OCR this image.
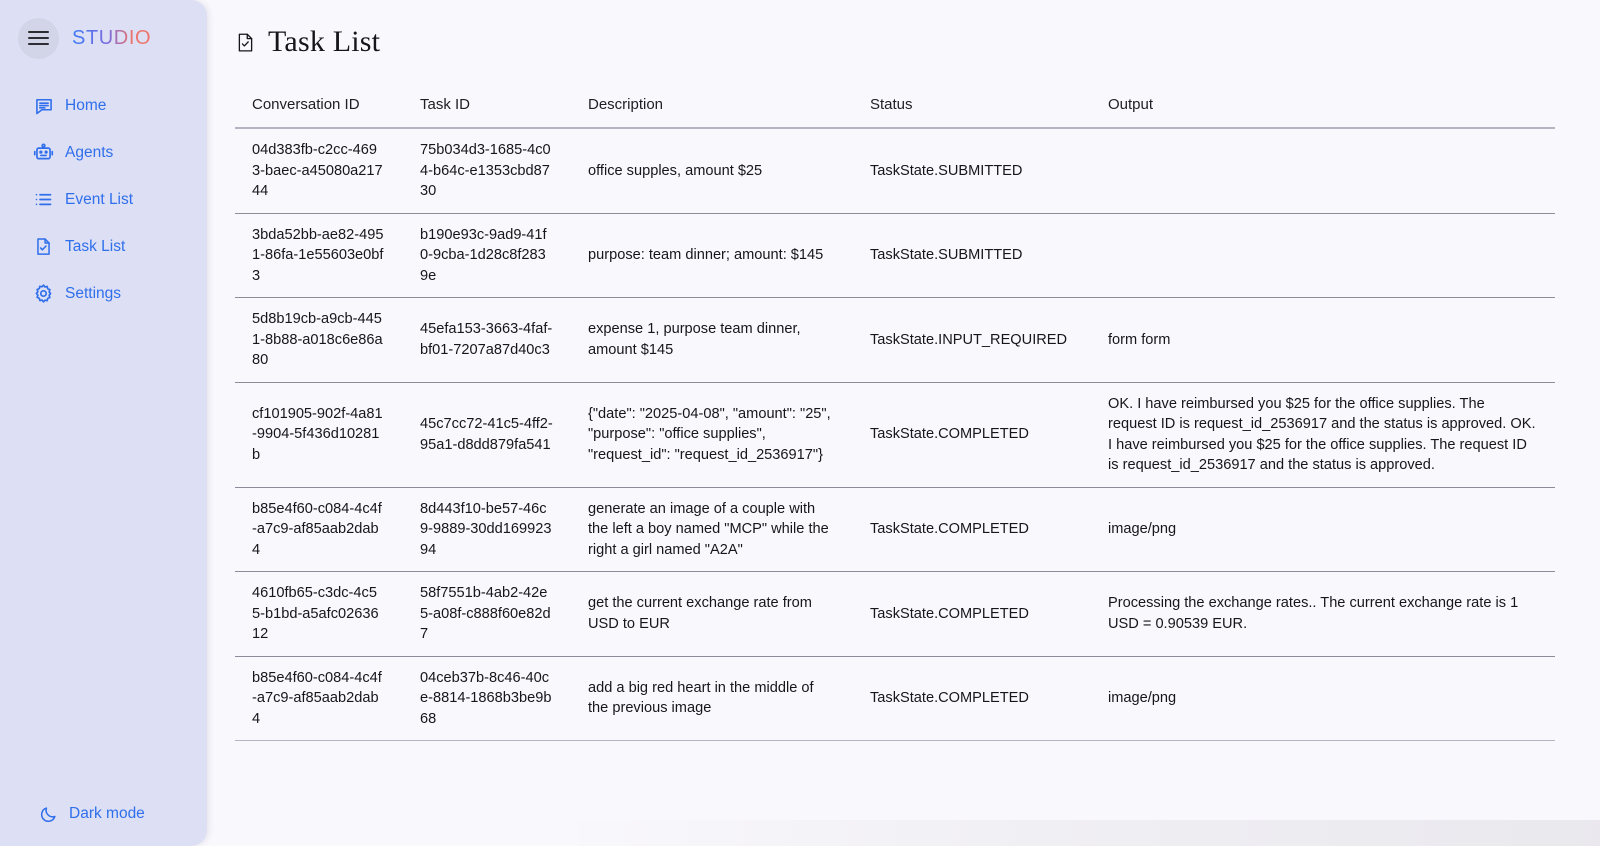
STUDIO
Home
Agents
Event List
Task List
Settings
Dark mode
Task List
Conversation ID	Task ID	Description	Status	Output
04d383fb-c2cc-4693-baec-a45080a21744	75b034d3-1685-4c04-b64c-e1353cbd8730	office supples, amount $25	TaskState.SUBMITTED	
3bda52bb-ae82-4951-86fa-1e55603e0bf3	b190e93c-9ad9-41f0-9cba-1d28c8f2839e	purpose: team dinner; amount: $145	TaskState.SUBMITTED	
5d8b19cb-a9cb-4451-8b88-a018c6e86a80	45efa153-3663-4faf-bf01-7207a87d40c3	expense 1, purpose team dinner, amount $145	TaskState.INPUT_REQUIRED	form form
cf101905-902f-4a81-9904-5f436d10281b	45c7cc72-41c5-4ff2-95a1-d8dd879fa541	{"date": "2025-04-08", "amount": "25", "purpose": "office supplies", "request_id": "request_id_2536917"}	TaskState.COMPLETED	OK. I have reimbursed you $25 for the office supplies. The request ID is request_id_2536917 and the status is approved. OK. I have reimbursed you $25 for the office supplies. The request ID is request_id_2536917 and the status is approved.
b85e4f60-c084-4c4f-a7c9-af85aab2dab4	8d443f10-be57-46c9-9889-30dd16992394	generate an image of a couple with the left a boy named "MCP" while the right a girl named "A2A"	TaskState.COMPLETED	image/png
4610fb65-c3dc-4c55-b1bd-a5afc0263612	58f7551b-4ab2-42e5-a08f-c888f60e82d7	get the current exchange rate from USD to EUR	TaskState.COMPLETED	Processing the exchange rates.. The current exchange rate is 1 USD = 0.90539 EUR.
b85e4f60-c084-4c4f-a7c9-af85aab2dab4	04ceb37b-8c46-40ce-8814-1868b3be9b68	add a big red heart in the middle of the previous image	TaskState.COMPLETED	image/png
